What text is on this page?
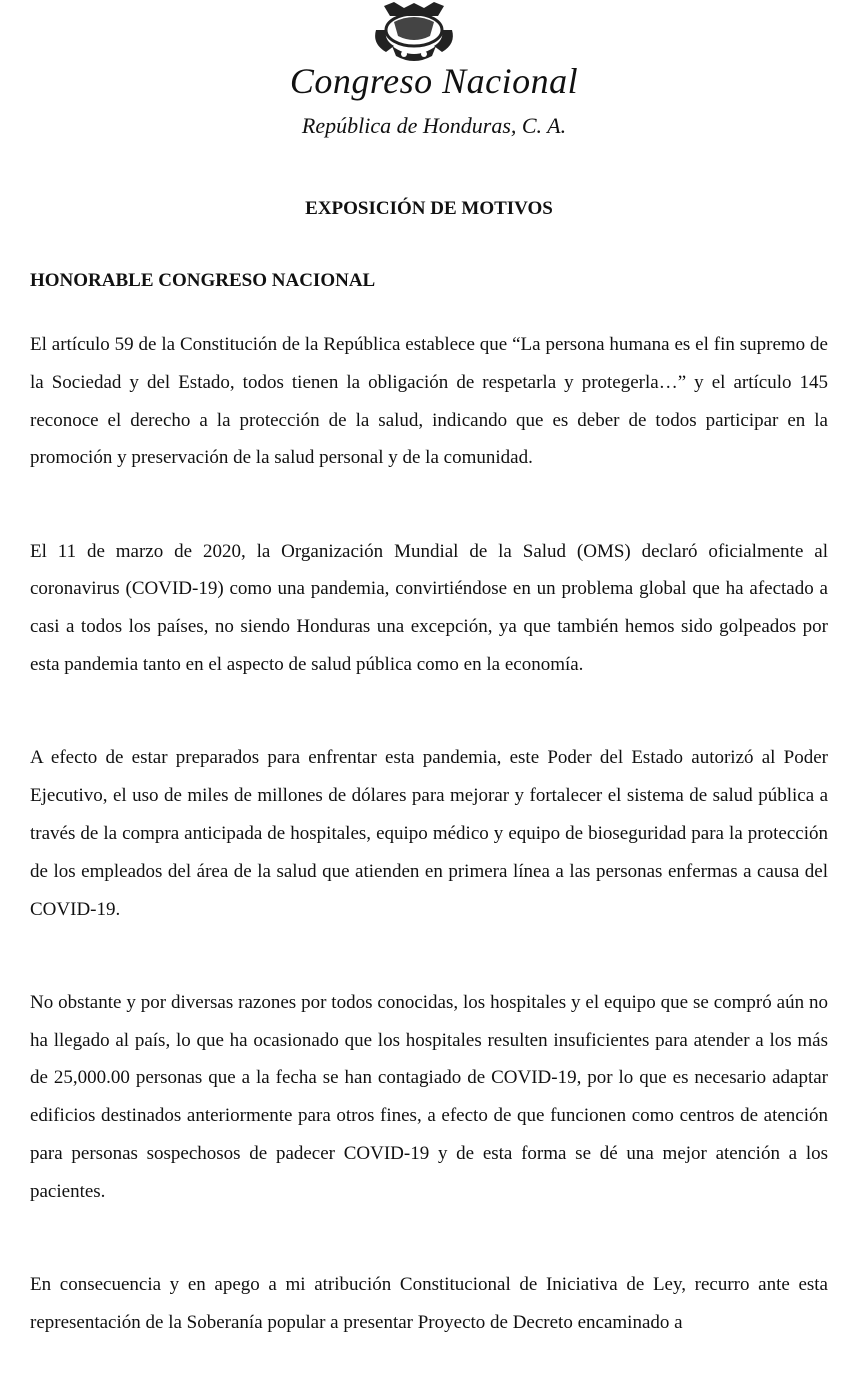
Congreso Nacional
República de Honduras, C. A.
EXPOSICIÓN DE MOTIVOS
HONORABLE CONGRESO NACIONAL

El artículo 59 de la Constitución de la República establece que “La persona humana es el fin supremo de la Sociedad y del Estado, todos tienen la obligación de respetarla y protegerla…” y el artículo 145 reconoce el derecho a la protección de la salud, indicando que es deber de todos participar en la promoción y preservación de la salud personal y de la comunidad.

El 11 de marzo de 2020, la Organización Mundial de la Salud (OMS) declaró oficialmente al coronavirus (COVID-19) como una pandemia, convirtiéndose en un problema global que ha afectado a casi a todos los países, no siendo Honduras una excepción, ya que también hemos sido golpeados por esta pandemia tanto en el aspecto de salud pública como en la economía.

A efecto de estar preparados para enfrentar esta pandemia, este Poder del Estado autorizó al Poder Ejecutivo, el uso de miles de millones de dólares para mejorar y fortalecer el sistema de salud pública a través de la compra anticipada de hospitales, equipo médico y equipo de bioseguridad para la protección de los empleados del área de la salud que atienden en primera línea a las personas enfermas a causa del COVID-19.

No obstante y por diversas razones por todos conocidas, los hospitales y el equipo que se compró aún no ha llegado al país, lo que ha ocasionado que los hospitales resulten insuficientes para atender a los más de 25,000.00 personas que a la fecha se han contagiado de COVID-19, por lo que es necesario adaptar edificios destinados anteriormente para otros fines, a efecto de que funcionen como centros de atención para personas sospechosos de padecer COVID-19 y de esta forma se dé una mejor atención a los pacientes.

En consecuencia y en apego a mi atribución Constitucional de Iniciativa de Ley, recurro ante esta representación de la Soberanía popular a presentar Proyecto de Decreto encaminado a
